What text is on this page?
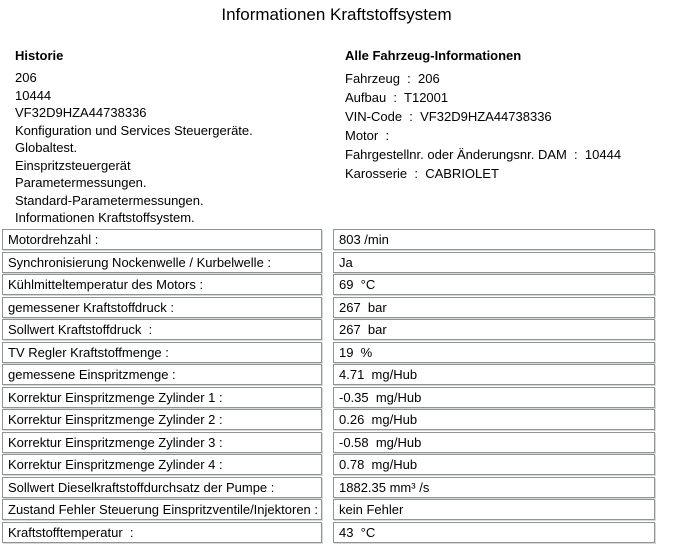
Informationen Kraftstoffsystem
Historie
206
10444
VF32D9HZA44738336
Konfiguration und Services Steuergeräte.
Globaltest.
Einspritzsteuergerät
Parametermessungen.
Standard-Parametermessungen.
Informationen Kraftstoffsystem.
Alle Fahrzeug-Informationen
Fahrzeug  :  206
Aufbau  :  T12001
VIN-Code  :  VF32D9HZA44738336
Motor  :
Fahrgestellnr. oder Änderungsnr. DAM  :  10444
Karosserie  :  CABRIOLET
Motordrehzahl :	803 /min
Synchronisierung Nockenwelle / Kurbelwelle :	Ja
Kühlmitteltemperatur des Motors :	69  °C
gemessener Kraftstoffdruck :	267  bar
Sollwert Kraftstoffdruck  :	267  bar
TV Regler Kraftstoffmenge :	19  %
gemessene Einspritzmenge :	4.71  mg/Hub
Korrektur Einspritzmenge Zylinder 1 :	-0.35  mg/Hub
Korrektur Einspritzmenge Zylinder 2 :	0.26  mg/Hub
Korrektur Einspritzmenge Zylinder 3 :	-0.58  mg/Hub
Korrektur Einspritzmenge Zylinder 4 :	0.78  mg/Hub
Sollwert Dieselkraftstoffdurchsatz der Pumpe :	1882.35 mm³ /s
Zustand Fehler Steuerung Einspritzventile/Injektoren :	kein Fehler
Kraftstofftemperatur  :	43  °C
